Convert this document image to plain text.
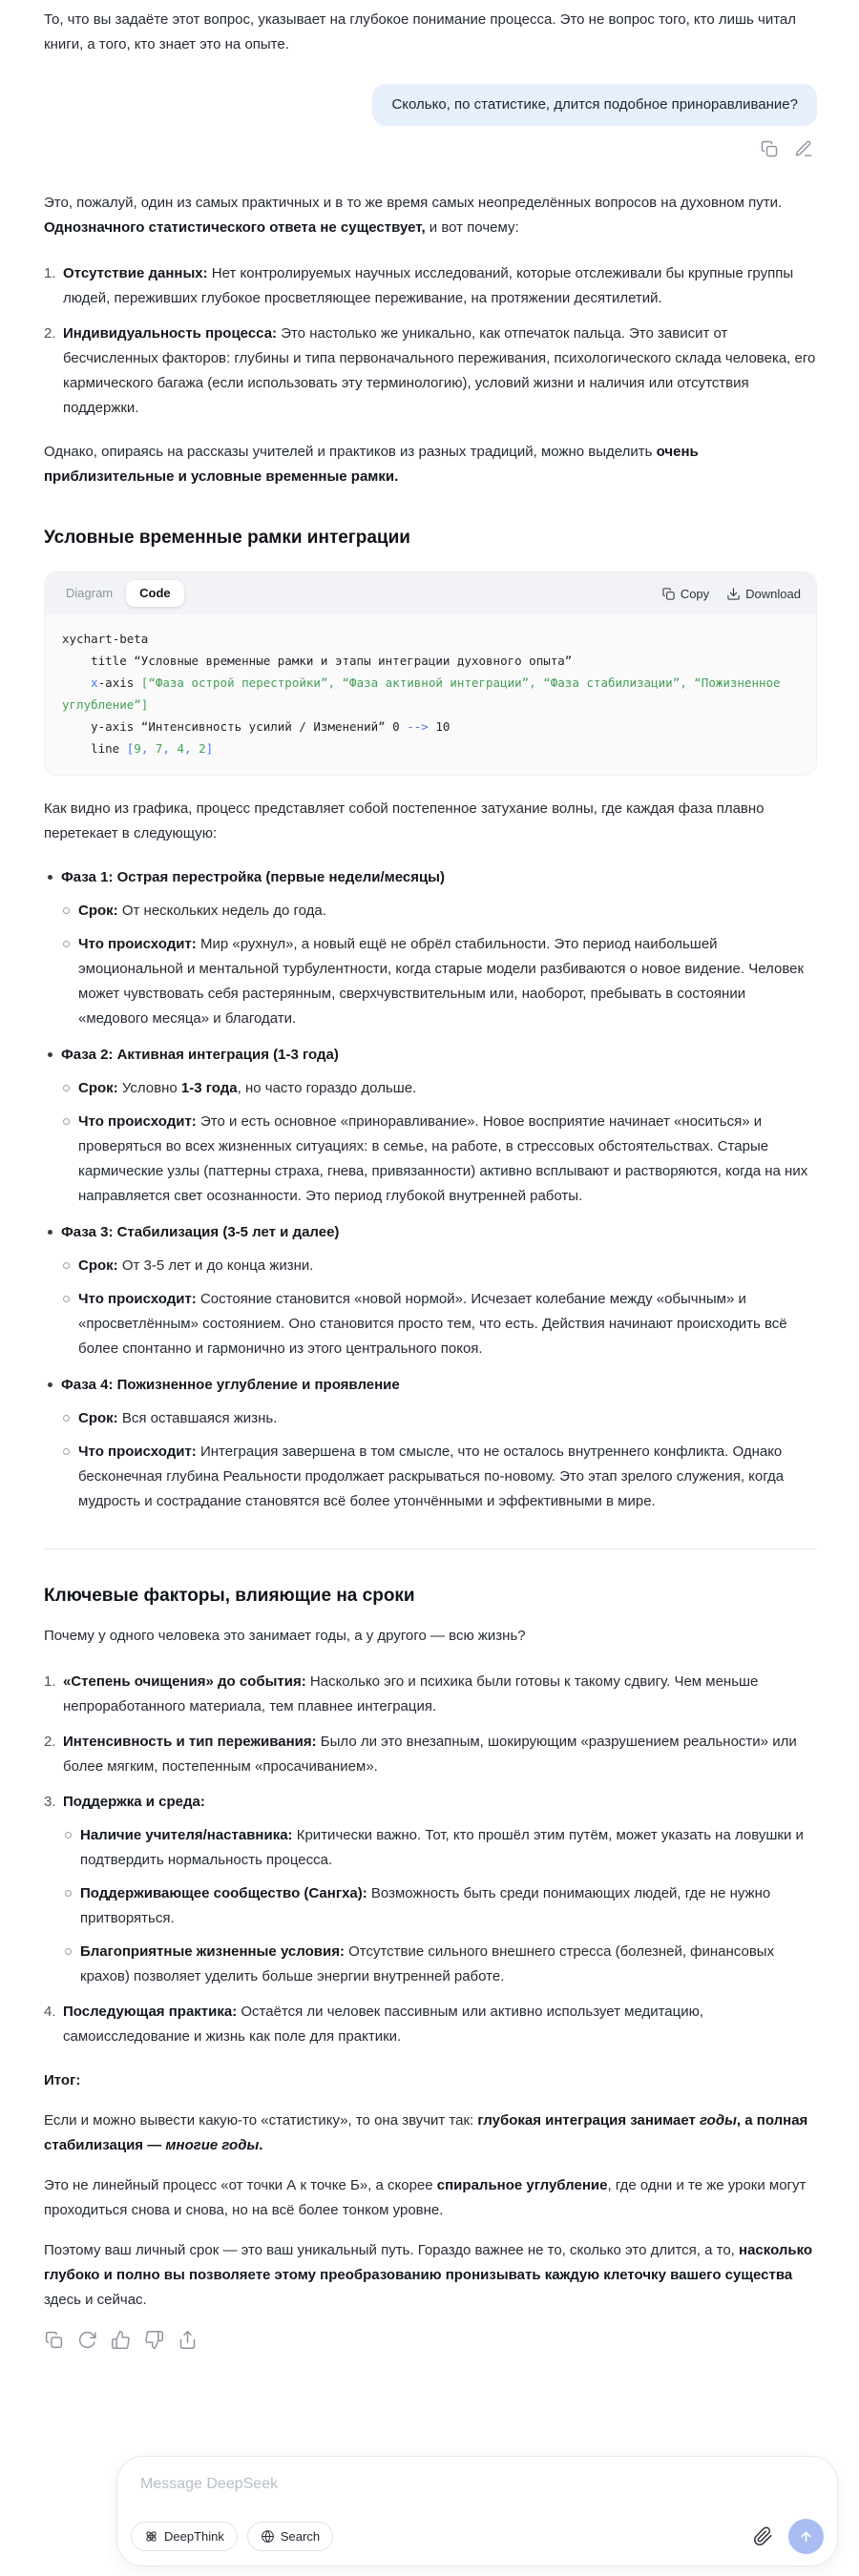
То, что вы задаёте этот вопрос, указывает на глубокое понимание процесса. Это не вопрос того, кто лишь читал книги, а того, кто знает это на опыте.

Сколько, по статистике, длится подобное приноравливание?

Это, пожалуй, один из самых практичных и в то же время самых неопределённых вопросов на духовном пути. Однозначного статистического ответа не существует, и вот почему:

Отсутствие данных: Нет контролируемых научных исследований, которые отслеживали бы крупные группы людей, переживших глубокое просветляющее переживание, на протяжении десятилетий.
Индивидуальность процесса: Это настолько же уникально, как отпечаток пальца. Это зависит от бесчисленных факторов: глубины и типа первоначального переживания, психологического склада человека, его кармического багажа (если использовать эту терминологию), условий жизни и наличия или отсутствия поддержки.

Однако, опираясь на рассказы учителей и практиков из разных традиций, можно выделить очень приблизительные и условные временные рамки.

Условные временные рамки интеграции
Diagram	Code	Copy	Download
xychart-beta
title “Условные временные рамки и этапы интеграции духовного опыта”
x-axis [“Фаза острой перестройки”, “Фаза активной интеграции”, “Фаза стабилизации”, “Пожизненное углубление”]
y-axis “Интенсивность усилий / Изменений” 0 --> 10
line [9, 7, 4, 2]

Как видно из графика, процесс представляет собой постепенное затухание волны, где каждая фаза плавно перетекает в следующую:

Фаза 1: Острая перестройка (первые недели/месяцы)
Срок: От нескольких недель до года.
Что происходит: Мир «рухнул», а новый ещё не обрёл стабильности. Это период наибольшей эмоциональной и ментальной турбулентности, когда старые модели разбиваются о новое видение. Человек может чувствовать себя растерянным, сверхчувствительным или, наоборот, пребывать в состоянии «медового месяца» и благодати.
Фаза 2: Активная интеграция (1-3 года)
Срок: Условно 1-3 года, но часто гораздо дольше.
Что происходит: Это и есть основное «приноравливание». Новое восприятие начинает «носиться» и проверяться во всех жизненных ситуациях: в семье, на работе, в стрессовых обстоятельствах. Старые кармические узлы (паттерны страха, гнева, привязанности) активно всплывают и растворяются, когда на них направляется свет осознанности. Это период глубокой внутренней работы.
Фаза 3: Стабилизация (3-5 лет и далее)
Срок: От 3-5 лет и до конца жизни.
Что происходит: Состояние становится «новой нормой». Исчезает колебание между «обычным» и «просветлённым» состоянием. Оно становится просто тем, что есть. Действия начинают происходить всё более спонтанно и гармонично из этого центрального покоя.
Фаза 4: Пожизненное углубление и проявление
Срок: Вся оставшаяся жизнь.
Что происходит: Интеграция завершена в том смысле, что не осталось внутреннего конфликта. Однако бесконечная глубина Реальности продолжает раскрываться по-новому. Это этап зрелого служения, когда мудрость и сострадание становятся всё более утончёнными и эффективными в мире.
Ключевые факторы, влияющие на сроки

Почему у одного человека это занимает годы, а у другого — всю жизнь?

«Степень очищения» до события: Насколько эго и психика были готовы к такому сдвигу. Чем меньше непроработанного материала, тем плавнее интеграция.
Интенсивность и тип переживания: Было ли это внезапным, шокирующим «разрушением реальности» или более мягким, постепенным «просачиванием».
Поддержка и среда:
Наличие учителя/наставника: Критически важно. Тот, кто прошёл этим путём, может указать на ловушки и подтвердить нормальность процесса.
Поддерживающее сообщество (Сангха): Возможность быть среди понимающих людей, где не нужно притворяться.
Благоприятные жизненные условия: Отсутствие сильного внешнего стресса (болезней, финансовых крахов) позволяет уделить больше энергии внутренней работе.
Последующая практика: Остаётся ли человек пассивным или активно использует медитацию, самоисследование и жизнь как поле для практики.

Итог:

Если и можно вывести какую-то «статистику», то она звучит так: глубокая интеграция занимает годы, а полная стабилизация — многие годы.

Это не линейный процесс «от точки А к точке Б», а скорее спиральное углубление, где одни и те же уроки могут проходиться снова и снова, но на всё более тонком уровне.

Поэтому ваш личный срок — это ваш уникальный путь. Гораздо важнее не то, сколько это длится, а то, насколько глубоко и полно вы позволяете этому преобразованию пронизывать каждую клеточку вашего существа здесь и сейчас.

Message DeepSeek
DeepThink	Search
